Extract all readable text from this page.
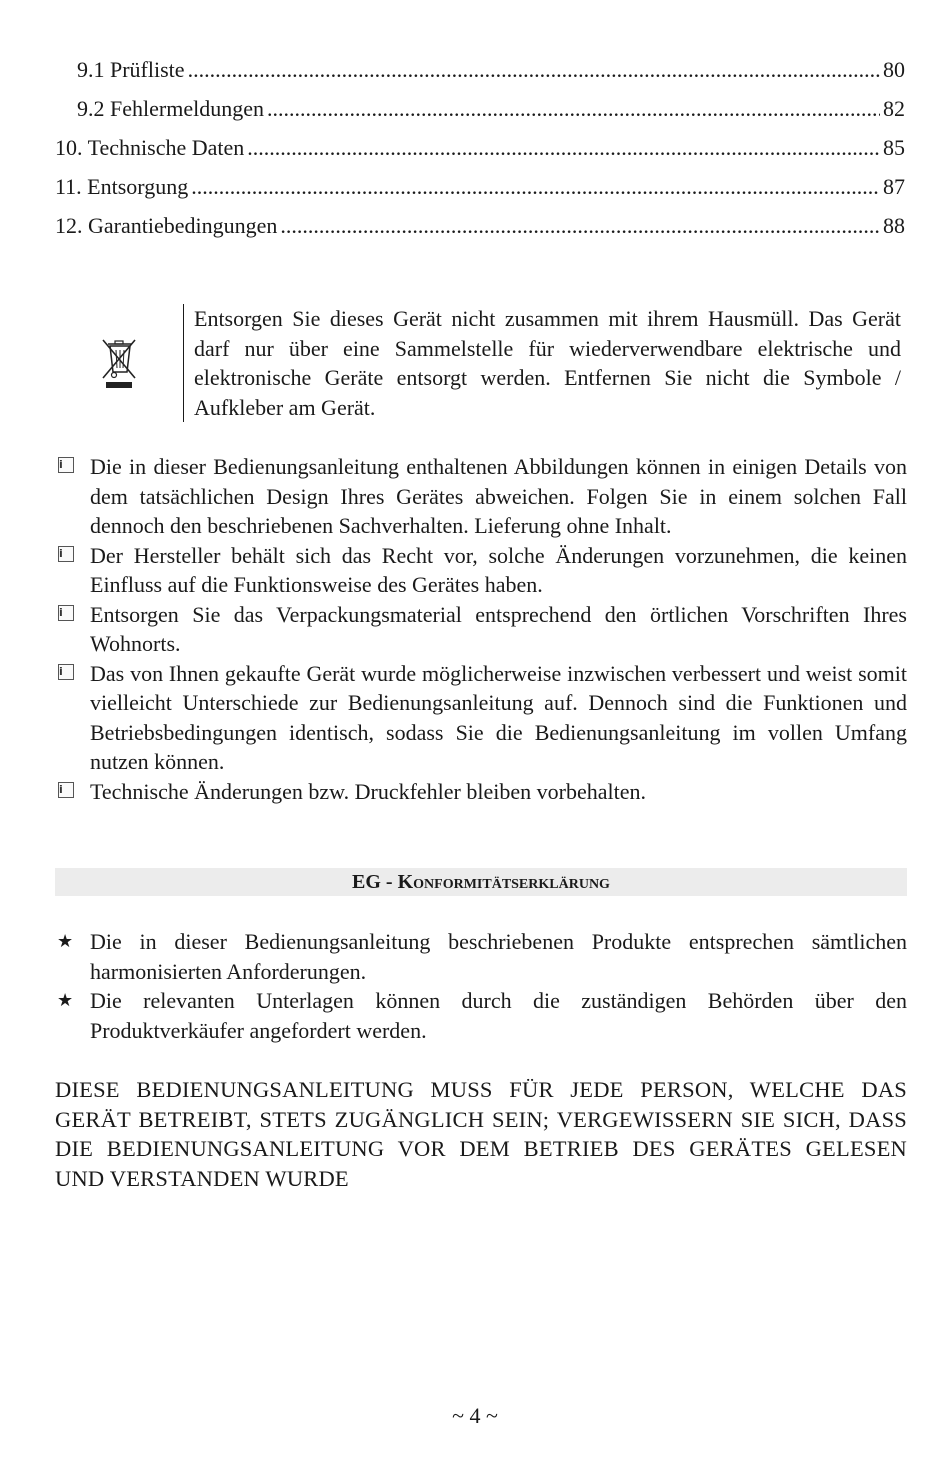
9.1 Prüfliste .....	80
9.2 Fehlermeldungen .....	82
10. Technische Daten .....	85
11. Entsorgung .....	87
12. Garantiebedingungen .....	88
Entsorgen Sie dieses Gerät nicht zusammen mit ihrem Hausmüll. Das Gerät darf nur über eine Sammelstelle für wiederverwendbare elektrische und elektronische Geräte entsorgt werden. Entfernen Sie nicht die Symbole / Aufkleber am Gerät.
i	Die in dieser Bedienungsanleitung enthaltenen Abbildungen können in einigen Details von dem tatsächlichen Design Ihres Gerätes abweichen. Folgen Sie in einem solchen Fall dennoch den beschriebenen Sachverhalten. Lieferung ohne Inhalt.
i	Der Hersteller behält sich das Recht vor, solche Änderungen vorzunehmen, die keinen Einfluss auf die Funktionsweise des Gerätes haben.
i	Entsorgen Sie das Verpackungsmaterial entsprechend den örtlichen Vorschriften Ihres Wohnorts.
i	Das von Ihnen gekaufte Gerät wurde möglicherweise inzwischen verbessert und weist somit vielleicht Unterschiede zur Bedienungsanleitung auf. Dennoch sind die Funktionen und Betriebsbedingungen identisch, sodass Sie die Bedienungsanleitung im vollen Umfang nutzen können.
i	Technische Änderungen bzw. Druckfehler bleiben vorbehalten.
EG - Konformitätserklärung
★ Die in dieser Bedienungsanleitung beschriebenen Produkte entsprechen sämtlichen harmonisierten Anforderungen.
★ Die relevanten Unterlagen können durch die zuständigen Behörden über den Produktverkäufer angefordert werden.
DIESE BEDIENUNGSANLEITUNG MUSS FÜR JEDE PERSON, WELCHE DAS GERÄT BETREIBT, STETS ZUGÄNGLICH SEIN; VERGEWISSERN SIE SICH, DASS DIE BEDIENUNGSANLEITUNG VOR DEM BETRIEB DES GERÄTES GELESEN UND VERSTANDEN WURDE
~ 4 ~
